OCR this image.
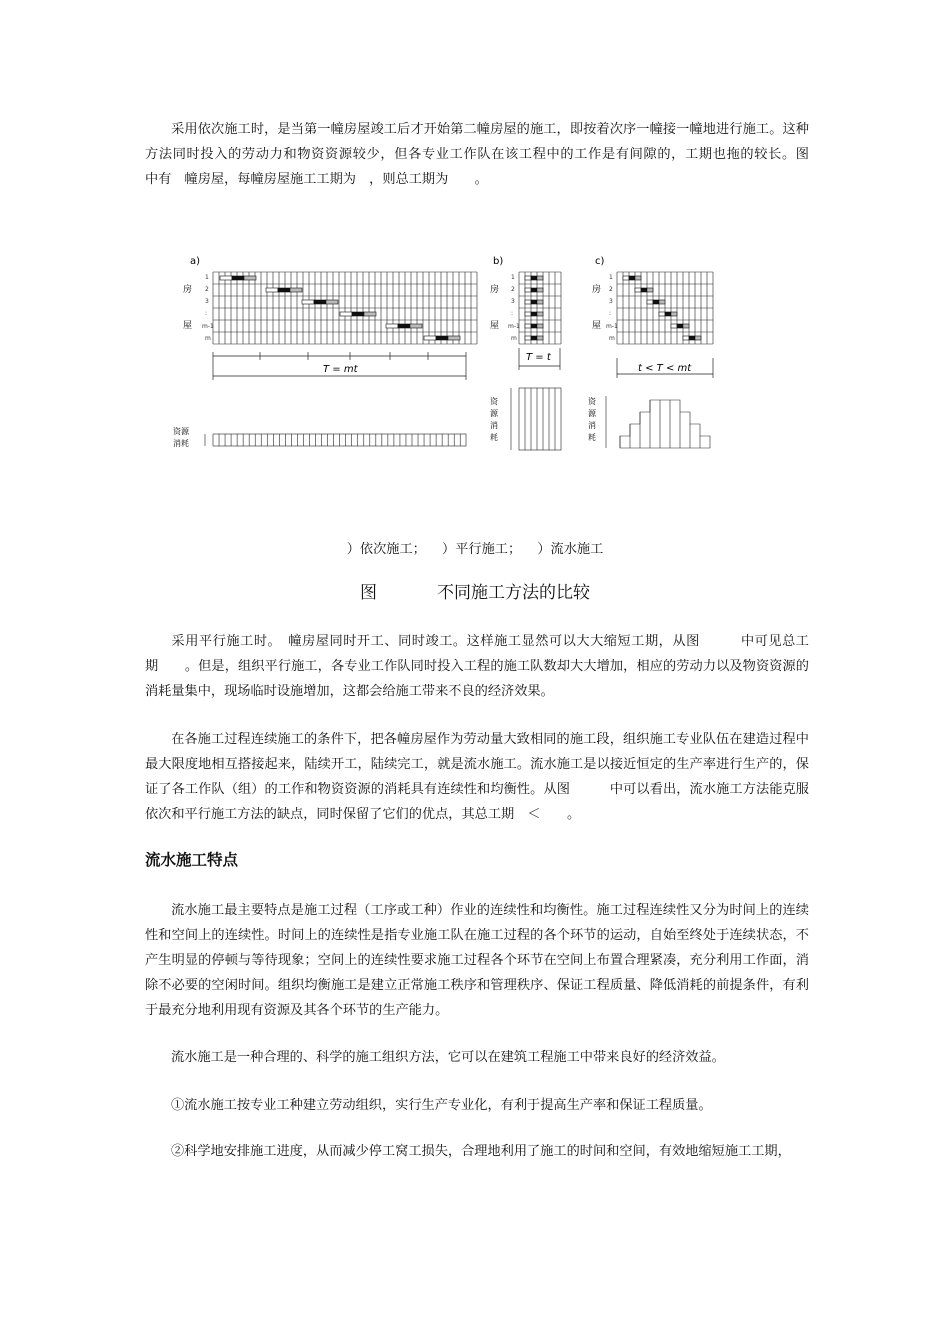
采用依次施工时，是当第一幢房屋竣工后才开始第二幢房屋的施工，即按着次序一幢接一幢地进行施工。这种方法同时投入的劳动力和物资资源较少，但各专业工作队在该工程中的工作是有间隙的，工期也拖的较长。图　　　中有　幢房屋，每幢房屋施工工期为　，则总工期为　　。

a)	b)	c)
房
屋
房
屋
房
屋
1
2
3
:
m-1
m
1
2
3
:
m-1
m
1
2
3
:
m-1
m
T = mt
T = t
t < T < mt
资源
消耗
资
源
消
耗
资
源
消
耗
）依次施工； ）平行施工； ）流水施工
图	不同施工方法的比较

采用平行施工时。　幢房屋同时开工、同时竣工。这样施工显然可以大大缩短工期，从图　　　中可见总工期　　。但是，组织平行施工，各专业工作队同时投入工程的施工队数却大大增加，相应的劳动力以及物资资源的消耗量集中，现场临时设施增加，这都会给施工带来不良的经济效果。

在各施工过程连续施工的条件下，把各幢房屋作为劳动量大致相同的施工段，组织施工专业队伍在建造过程中最大限度地相互搭接起来，陆续开工，陆续完工，就是流水施工。流水施工是以接近恒定的生产率进行生产的，保证了各工作队（组）的工作和物资资源的消耗具有连续性和均衡性。从图　　　中可以看出，流水施工方法能克服依次和平行施工方法的缺点，同时保留了它们的优点，其总工期　＜　　。

流水施工特点

流水施工最主要特点是施工过程（工序或工种）作业的连续性和均衡性。施工过程连续性又分为时间上的连续性和空间上的连续性。时间上的连续性是指专业施工队在施工过程的各个环节的运动，自始至终处于连续状态，不产生明显的停顿与等待现象；空间上的连续性要求施工过程各个环节在空间上布置合理紧凑，充分利用工作面，消除不必要的空闲时间。组织均衡施工是建立正常施工秩序和管理秩序、保证工程质量、降低消耗的前提条件，有利于最充分地利用现有资源及其各个环节的生产能力。

流水施工是一种合理的、科学的施工组织方法，它可以在建筑工程施工中带来良好的经济效益。

①流水施工按专业工种建立劳动组织，实行生产专业化，有利于提高生产率和保证工程质量。

②科学地安排施工进度，从而减少停工窝工损失，合理地利用了施工的时间和空间，有效地缩短施工工期，
